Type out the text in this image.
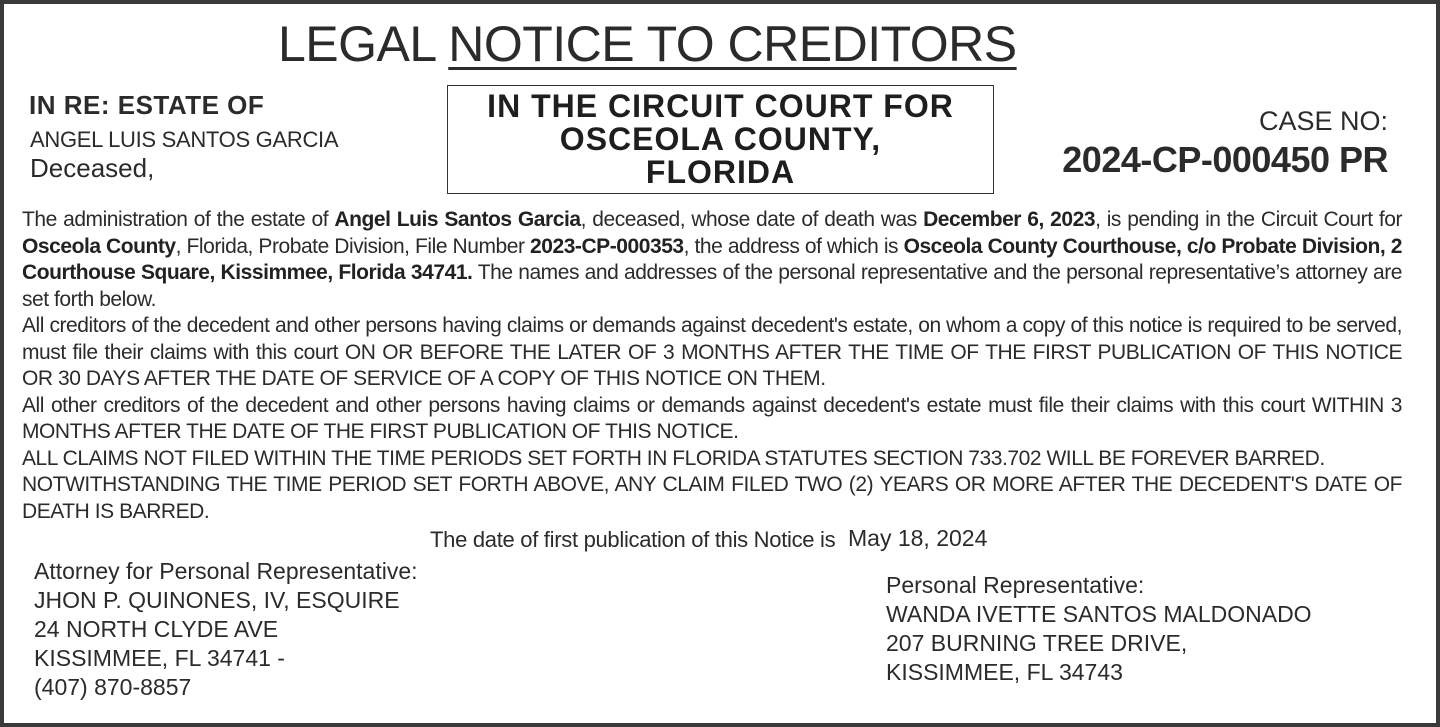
LEGAL NOTICE TO CREDITORS
IN RE: ESTATE OF
ANGEL LUIS SANTOS GARCIA
Deceased,
IN THE CIRCUIT COURT FOR OSCEOLA COUNTY, FLORIDA
CASE NO:
2024-CP-000450 PR

The administration of the estate of Angel Luis Santos Garcia, deceased, whose date of death was December 6, 2023, is pending in the Circuit Court for Osceola County, Florida, Probate Division, File Number 2023-CP-000353, the address of which is Osceola County Courthouse, c/o Probate Division, 2 Courthouse Square, Kissimmee, Florida 34741. The names and addresses of the personal representative and the personal representative’s attorney are set forth below.

All creditors of the decedent and other persons having claims or demands against decedent's estate, on whom a copy of this notice is required to be served, must file their claims with this court ON OR BEFORE THE LATER OF 3 MONTHS AFTER THE TIME OF THE FIRST PUBLICATION OF THIS NOTICE OR 30 DAYS AFTER THE DATE OF SERVICE OF A COPY OF THIS NOTICE ON THEM.

All other creditors of the decedent and other persons having claims or demands against decedent's estate must file their claims with this court WITHIN 3 MONTHS AFTER THE DATE OF THE FIRST PUBLICATION OF THIS NOTICE.

ALL CLAIMS NOT FILED WITHIN THE TIME PERIODS SET FORTH IN FLORIDA STATUTES SECTION 733.702 WILL BE FOREVER BARRED.

NOTWITHSTANDING THE TIME PERIOD SET FORTH ABOVE, ANY CLAIM FILED TWO (2) YEARS OR MORE AFTER THE DECEDENT'S DATE OF DEATH IS BARRED.

The date of first publication of this Notice is May 18, 2024
Attorney for Personal Representative:
JHON P. QUINONES, IV, ESQUIRE
24 NORTH CLYDE AVE
KISSIMMEE, FL 34741 -
(407) 870-8857
Personal Representative:
WANDA IVETTE SANTOS MALDONADO
207 BURNING TREE DRIVE,
KISSIMMEE, FL 34743
